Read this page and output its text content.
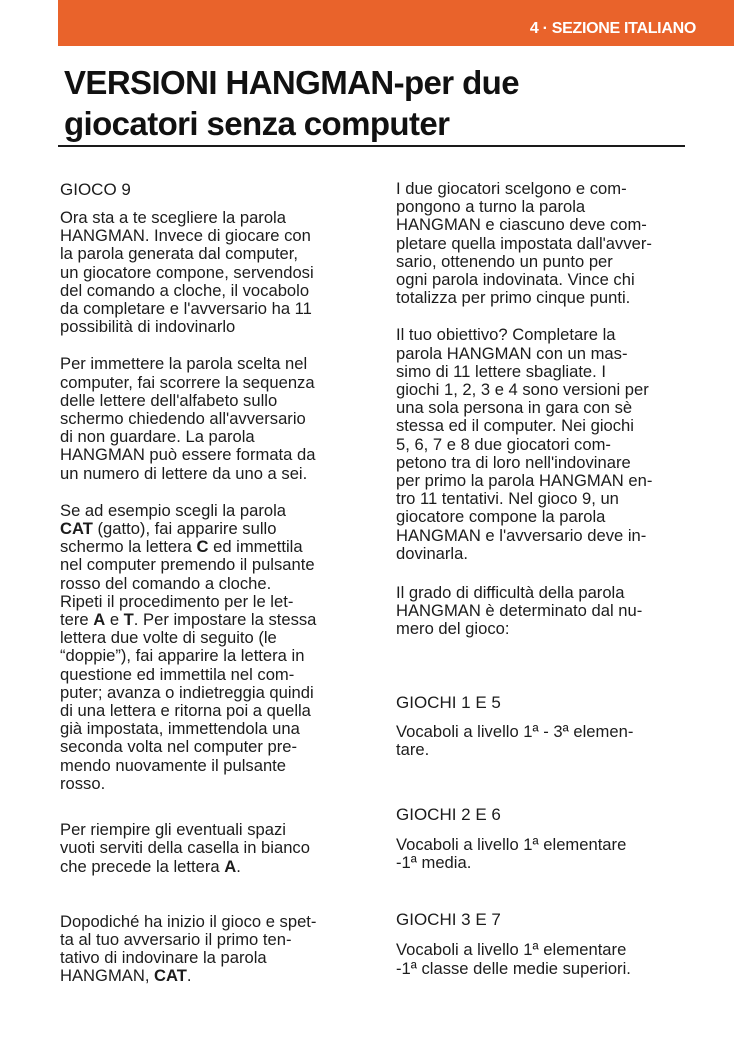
4 · SEZIONE ITALIANO
VERSIONI HANGMAN-per due
giocatori senza computer
GIOCO 9

Ora sta a te scegliere la parola
HANGMAN. Invece di giocare con
la parola generata dal computer,
un giocatore compone, servendosi
del comando a cloche, il vocabolo
da completare e l'avversario ha 11
possibilità di indovinarlo

Per immettere la parola scelta nel
computer, fai scorrere la sequenza
delle lettere dell'alfabeto sullo
schermo chiedendo all'avversario
di non guardare. La parola
HANGMAN può essere formata da
un numero di lettere da uno a sei.

Se ad esempio scegli la parola
CAT (gatto), fai apparire sullo
schermo la lettera C ed immettila
nel computer premendo il pulsante
rosso del comando a cloche.
Ripeti il procedimento per le let-
tere A e T. Per impostare la stessa
lettera due volte di seguito (le
“doppie”), fai apparire la lettera in
questione ed immettila nel com-
puter; avanza o indietreggia quindi
di una lettera e ritorna poi a quella
già impostata, immettendola una
seconda volta nel computer pre-
mendo nuovamente il pulsante
rosso.

Per riempire gli eventuali spazi
vuoti serviti della casella in bianco
che precede la lettera A.

Dopodiché ha inizio il gioco e spet-
ta al tuo avversario il primo ten-
tativo di indovinare la parola
HANGMAN, CAT.

I due giocatori scelgono e com-
pongono a turno la parola
HANGMAN e ciascuno deve com-
pletare quella impostata dall'avver-
sario, ottenendo un punto per
ogni parola indovinata. Vince chi
totalizza per primo cinque punti.

Il tuo obiettivo? Completare la
parola HANGMAN con un mas-
simo di 11 lettere sbagliate. I
giochi 1, 2, 3 e 4 sono versioni per
una sola persona in gara con sè
stessa ed il computer. Nei giochi
5, 6, 7 e 8 due giocatori com-
petono tra di loro nell'indovinare
per primo la parola HANGMAN en-
tro 11 tentativi. Nel gioco 9, un
giocatore compone la parola
HANGMAN e l'avversario deve in-
dovinarla.

Il grado di difficultà della parola
HANGMAN è determinato dal nu-
mero del gioco:

GIOCHI 1 E 5

Vocaboli a livello 1ª - 3ª elemen-
tare.

GIOCHI 2 E 6

Vocaboli a livello 1ª elementare
-1ª media.

GIOCHI 3 E 7

Vocaboli a livello 1ª elementare
-1ª classe delle medie superiori.
